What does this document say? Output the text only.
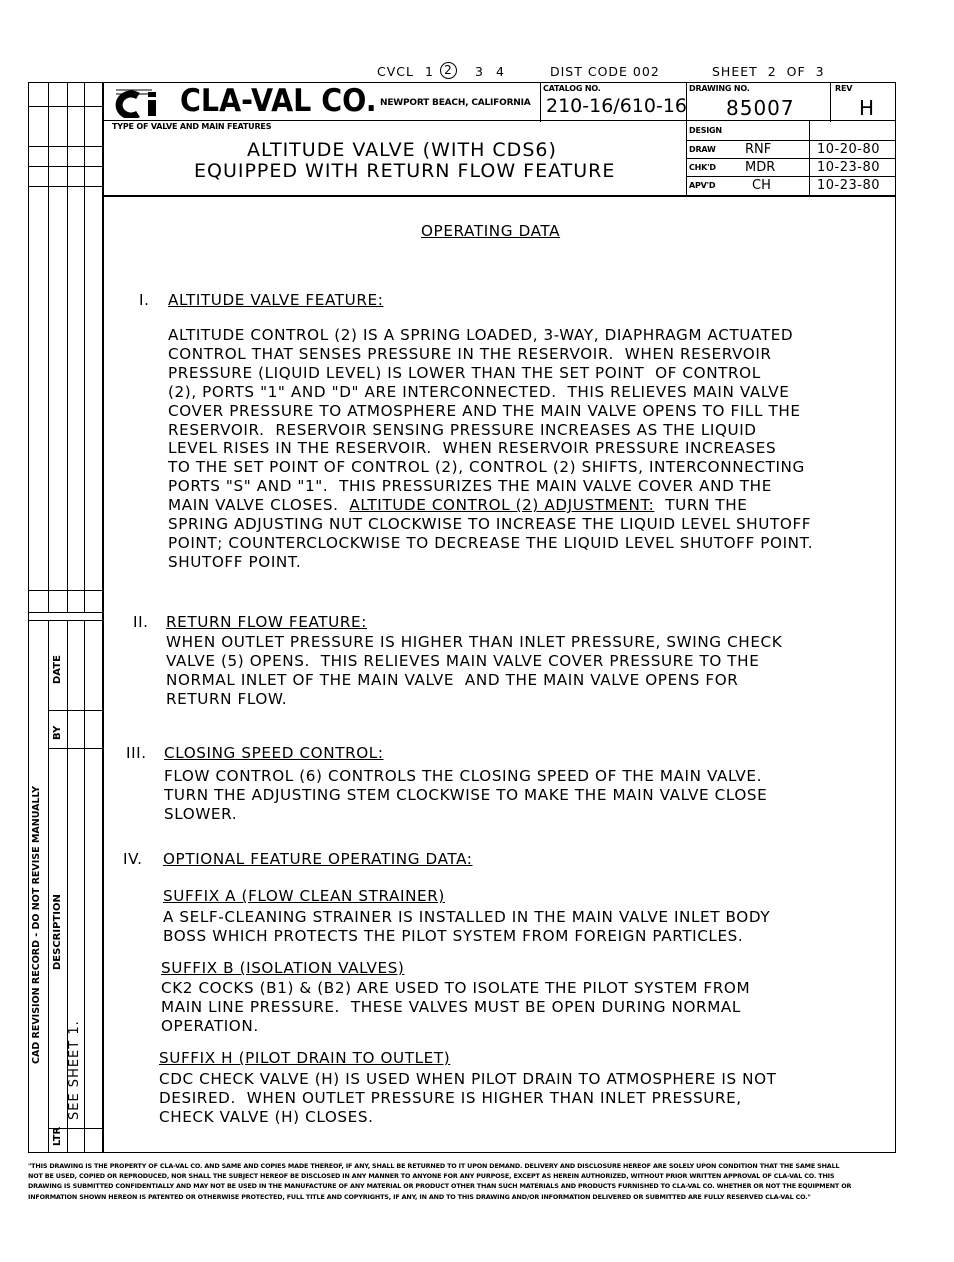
CVCL 1 2	3 4	DIST CODE 002	SHEET 2 OF 3
CAD REVISION RECORD - DO NOT REVISE MANUALLY
DATE
BY
DESCRIPTION
SEE SHEET 1.
LTR
CLA-VAL CO. NEWPORT BEACH, CALIFORNIA
CATALOG NO.
210-16/610-16
DRAWING NO.
85007
REV
H
TYPE OF VALVE AND MAIN FEATURES
ALTITUDE VALVE (WITH CDS6)
EQUIPPED WITH RETURN FLOW FEATURE
DESIGN
DRAW RNF	10-20-80
CHK'D MDR	10-23-80
APV'D	CH	10-23-80
OPERATING DATA
I. ALTITUDE VALVE FEATURE:
ALTITUDE CONTROL (2) IS A SPRING LOADED, 3-WAY, DIAPHRAGM ACTUATED
CONTROL THAT SENSES PRESSURE IN THE RESERVOIR.  WHEN RESERVOIR
PRESSURE (LIQUID LEVEL) IS LOWER THAN THE SET POINT  OF CONTROL
(2), PORTS "1" AND "D" ARE INTERCONNECTED.  THIS RELIEVES MAIN VALVE
COVER PRESSURE TO ATMOSPHERE AND THE MAIN VALVE OPENS TO FILL THE
RESERVOIR.  RESERVOIR SENSING PRESSURE INCREASES AS THE LIQUID
LEVEL RISES IN THE RESERVOIR.  WHEN RESERVOIR PRESSURE INCREASES
TO THE SET POINT OF CONTROL (2), CONTROL (2) SHIFTS, INTERCONNECTING
PORTS "S" AND "1".  THIS PRESSURIZES THE MAIN VALVE COVER AND THE
MAIN VALVE CLOSES.  ALTITUDE CONTROL (2) ADJUSTMENT:  TURN THE
SPRING ADJUSTING NUT CLOCKWISE TO INCREASE THE LIQUID LEVEL SHUTOFF
POINT; COUNTERCLOCKWISE TO DECREASE THE LIQUID LEVEL SHUTOFF POINT.
SHUTOFF POINT.
II. RETURN FLOW FEATURE:
WHEN OUTLET PRESSURE IS HIGHER THAN INLET PRESSURE, SWING CHECK
VALVE (5) OPENS.  THIS RELIEVES MAIN VALVE COVER PRESSURE TO THE
NORMAL INLET OF THE MAIN VALVE  AND THE MAIN VALVE OPENS FOR
RETURN FLOW.
III. CLOSING SPEED CONTROL:
FLOW CONTROL (6) CONTROLS THE CLOSING SPEED OF THE MAIN VALVE.
TURN THE ADJUSTING STEM CLOCKWISE TO MAKE THE MAIN VALVE CLOSE
SLOWER.
IV. OPTIONAL FEATURE OPERATING DATA:
SUFFIX A (FLOW CLEAN STRAINER)
A SELF-CLEANING STRAINER IS INSTALLED IN THE MAIN VALVE INLET BODY
BOSS WHICH PROTECTS THE PILOT SYSTEM FROM FOREIGN PARTICLES.
SUFFIX B (ISOLATION VALVES)
CK2 COCKS (B1) & (B2) ARE USED TO ISOLATE THE PILOT SYSTEM FROM
MAIN LINE PRESSURE.  THESE VALVES MUST BE OPEN DURING NORMAL
OPERATION.
SUFFIX H (PILOT DRAIN TO OUTLET)
CDC CHECK VALVE (H) IS USED WHEN PILOT DRAIN TO ATMOSPHERE IS NOT
DESIRED.  WHEN OUTLET PRESSURE IS HIGHER THAN INLET PRESSURE,
CHECK VALVE (H) CLOSES.
"THIS DRAWING IS THE PROPERTY OF CLA-VAL CO. AND SAME AND COPIES MADE THEREOF, IF ANY, SHALL BE RETURNED TO IT UPON DEMAND. DELIVERY AND DISCLOSURE HEREOF ARE SOLELY UPON CONDITION THAT THE SAME SHALL
NOT BE USED, COPIED OR REPRODUCED, NOR SHALL THE SUBJECT HEREOF BE DISCLOSED IN ANY MANNER TO ANYONE FOR ANY PURPOSE, EXCEPT AS HEREIN AUTHORIZED, WITHOUT PRIOR WRITTEN APPROVAL OF CLA-VAL CO. THIS
DRAWING IS SUBMITTED CONFIDENTIALLY AND MAY NOT BE USED IN THE MANUFACTURE OF ANY MATERIAL OR PRODUCT OTHER THAN SUCH MATERIALS AND PRODUCTS FURNISHED TO CLA-VAL CO. WHETHER OR NOT THE EQUIPMENT OR
INFORMATION SHOWN HEREON IS PATENTED OR OTHERWISE PROTECTED, FULL TITLE AND COPYRIGHTS, IF ANY, IN AND TO THIS DRAWING AND/OR INFORMATION DELIVERED OR SUBMITTED ARE FULLY RESERVED CLA-VAL CO."
